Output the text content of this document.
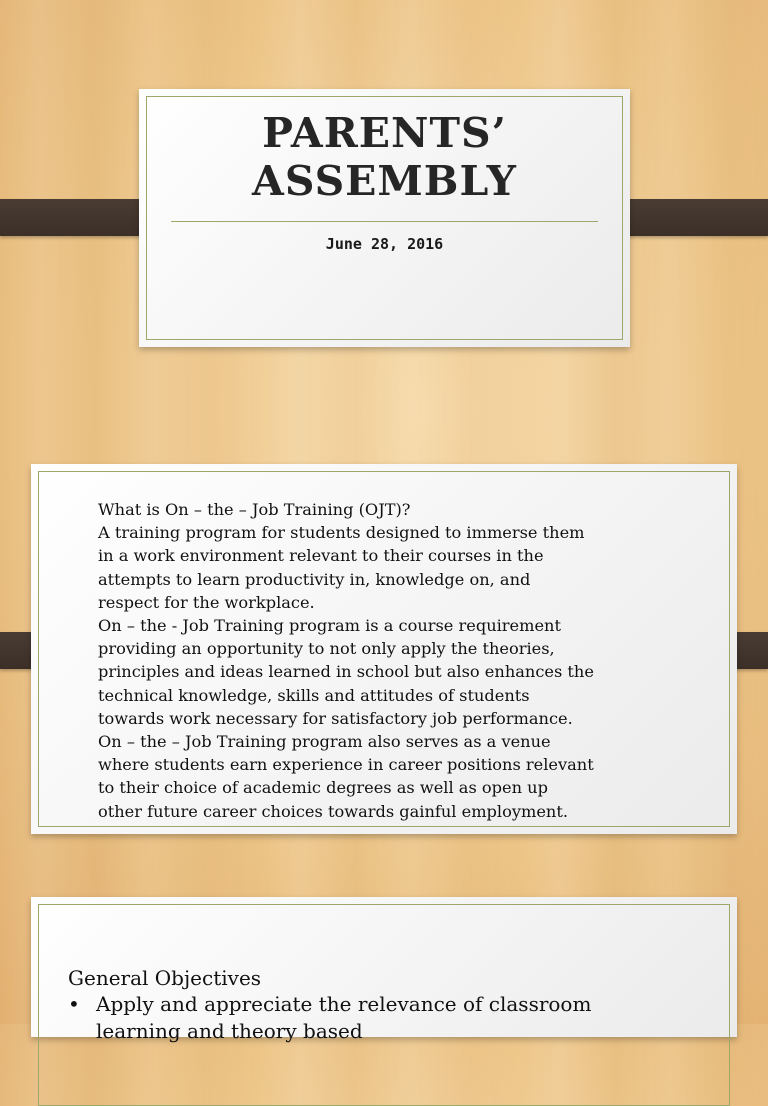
PARENTS’
ASSEMBLY
June 28, 2016
What is On – the – Job Training (OJT)?
A training program for students designed to immerse them
in a work environment relevant to their courses in the
attempts to learn productivity in, knowledge on, and
respect for the workplace.
On – the - Job Training program is a course requirement
providing an opportunity to not only apply the theories,
principles and ideas learned in school but also enhances the
technical knowledge, skills and attitudes of students
towards work necessary for satisfactory job performance.
On – the – Job Training program also serves as a venue
where students earn experience in career positions relevant
to their choice of academic degrees as well as open up
other future career choices towards gainful employment.
General Objectives
• Apply and appreciate the relevance of classroom
learning and theory based
